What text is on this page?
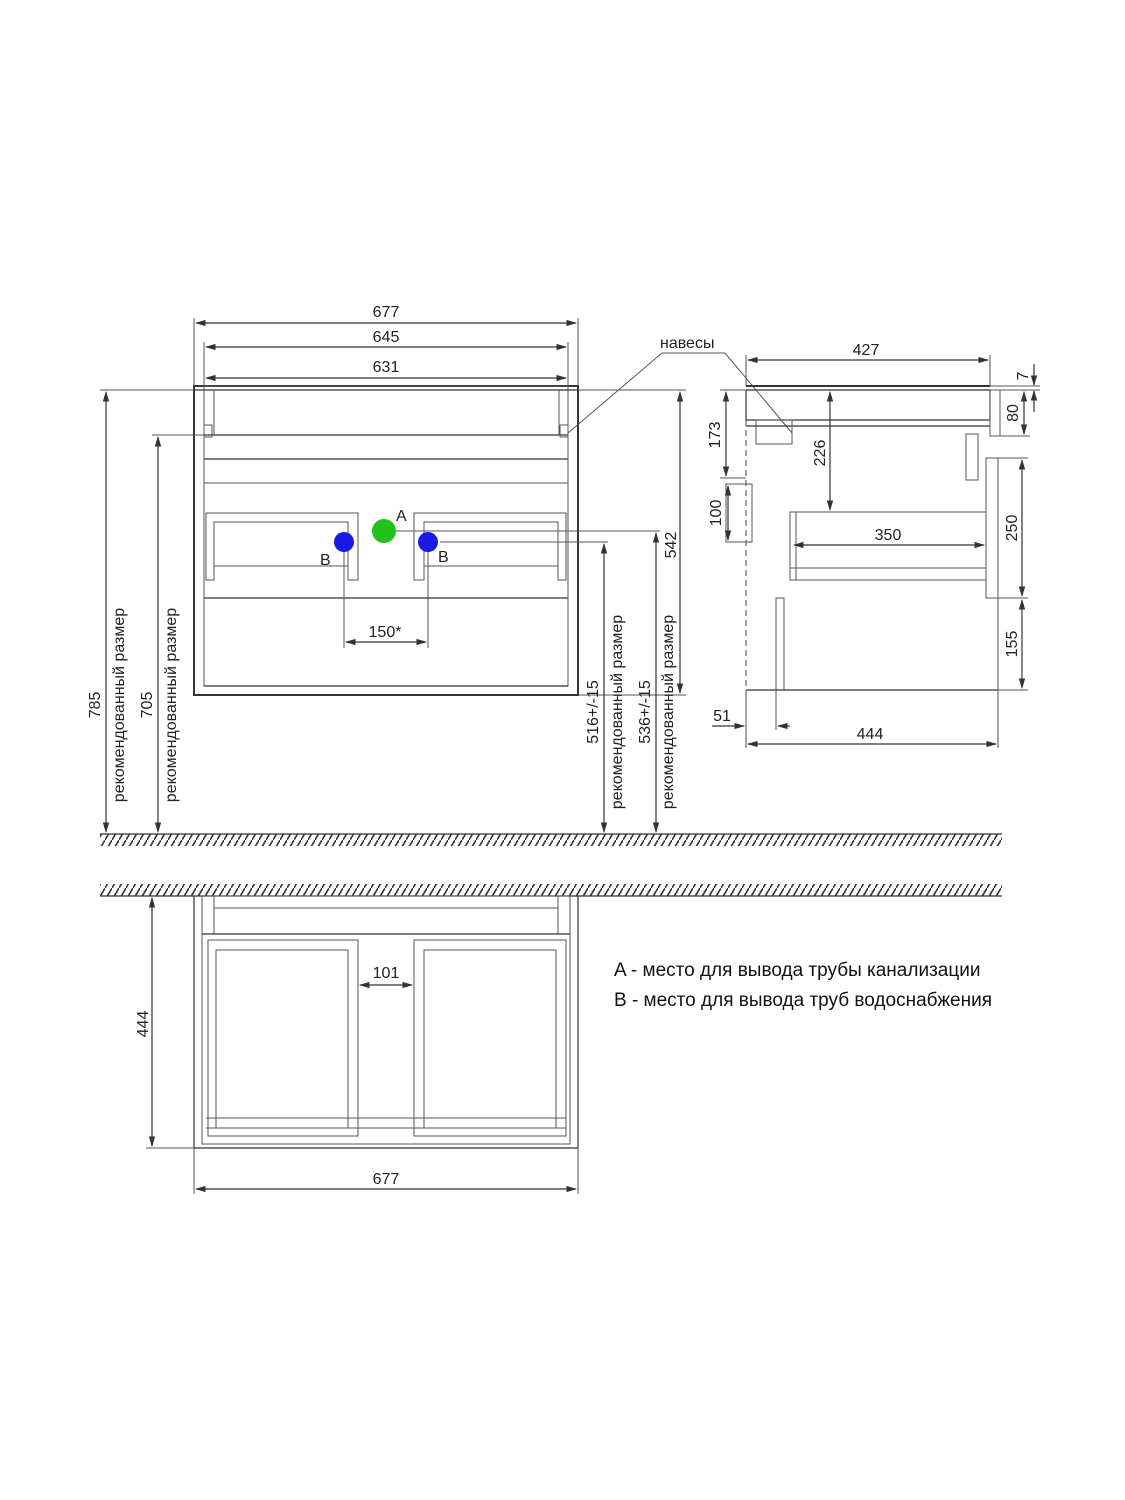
A
B	B
677
645
631
навесы
150*
542
516+/-15 рекомендованный размер 536+/-15 рекомендованный размер
785 рекомендованный размер 705 рекомендованный размер
427
7
80
173
226
100
350	250
155
51
444
101
444
677
A - место для вывода трубы канализации
B - место для вывода труб водоснабжения
